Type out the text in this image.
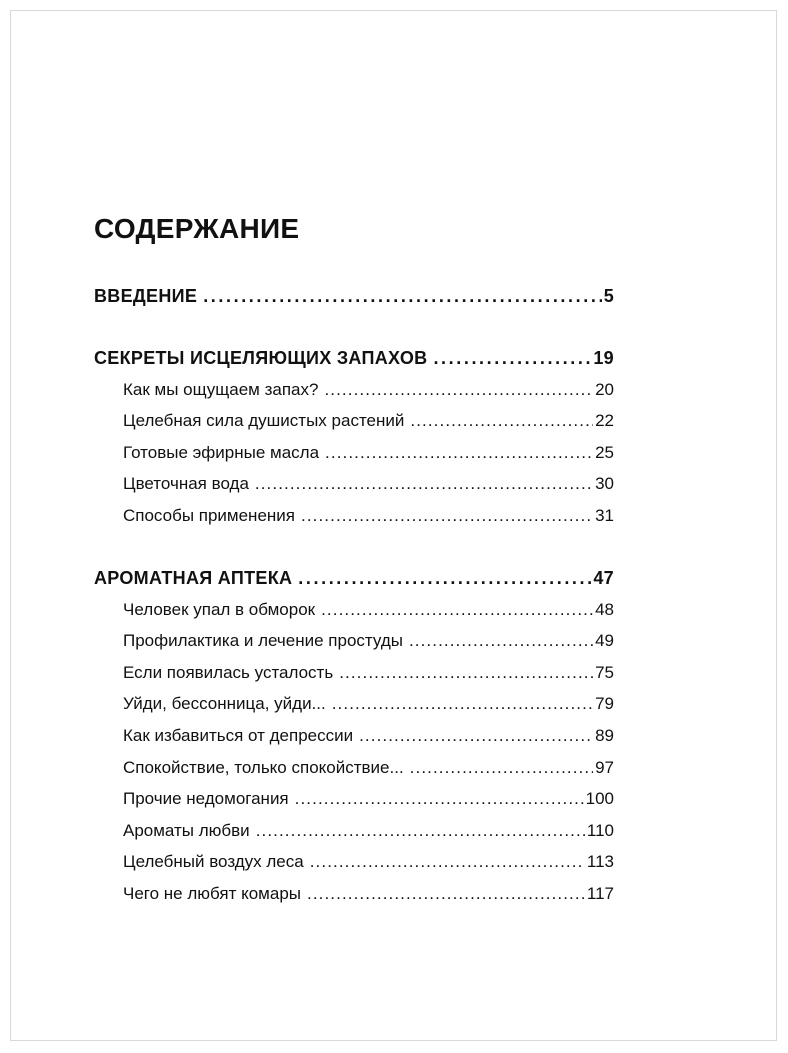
СОДЕРЖАНИЕ
ВВЕДЕНИЕ .....	5
СЕКРЕТЫ ИСЦЕЛЯЮЩИХ ЗАПАХОВ .....	19
Как мы ощущаем запах? .....	20
Целебная сила душистых растений .....	22
Готовые эфирные масла .....	25
Цветочная вода .....	30
Способы применения .....	31
АРОМАТНАЯ АПТЕКА .....	47
Человек упал в обморок .....	48
Профилактика и лечение простуды .....	49
Если появилась усталость .....	75
Уйди, бессонница, уйди... .....	79
Как избавиться от депрессии .....	89
Спокойствие, только спокойствие... .....	97
Прочие недомогания .....	100
Ароматы любви .....	110
Целебный воздух леса .....	113
Чего не любят комары .....	117
